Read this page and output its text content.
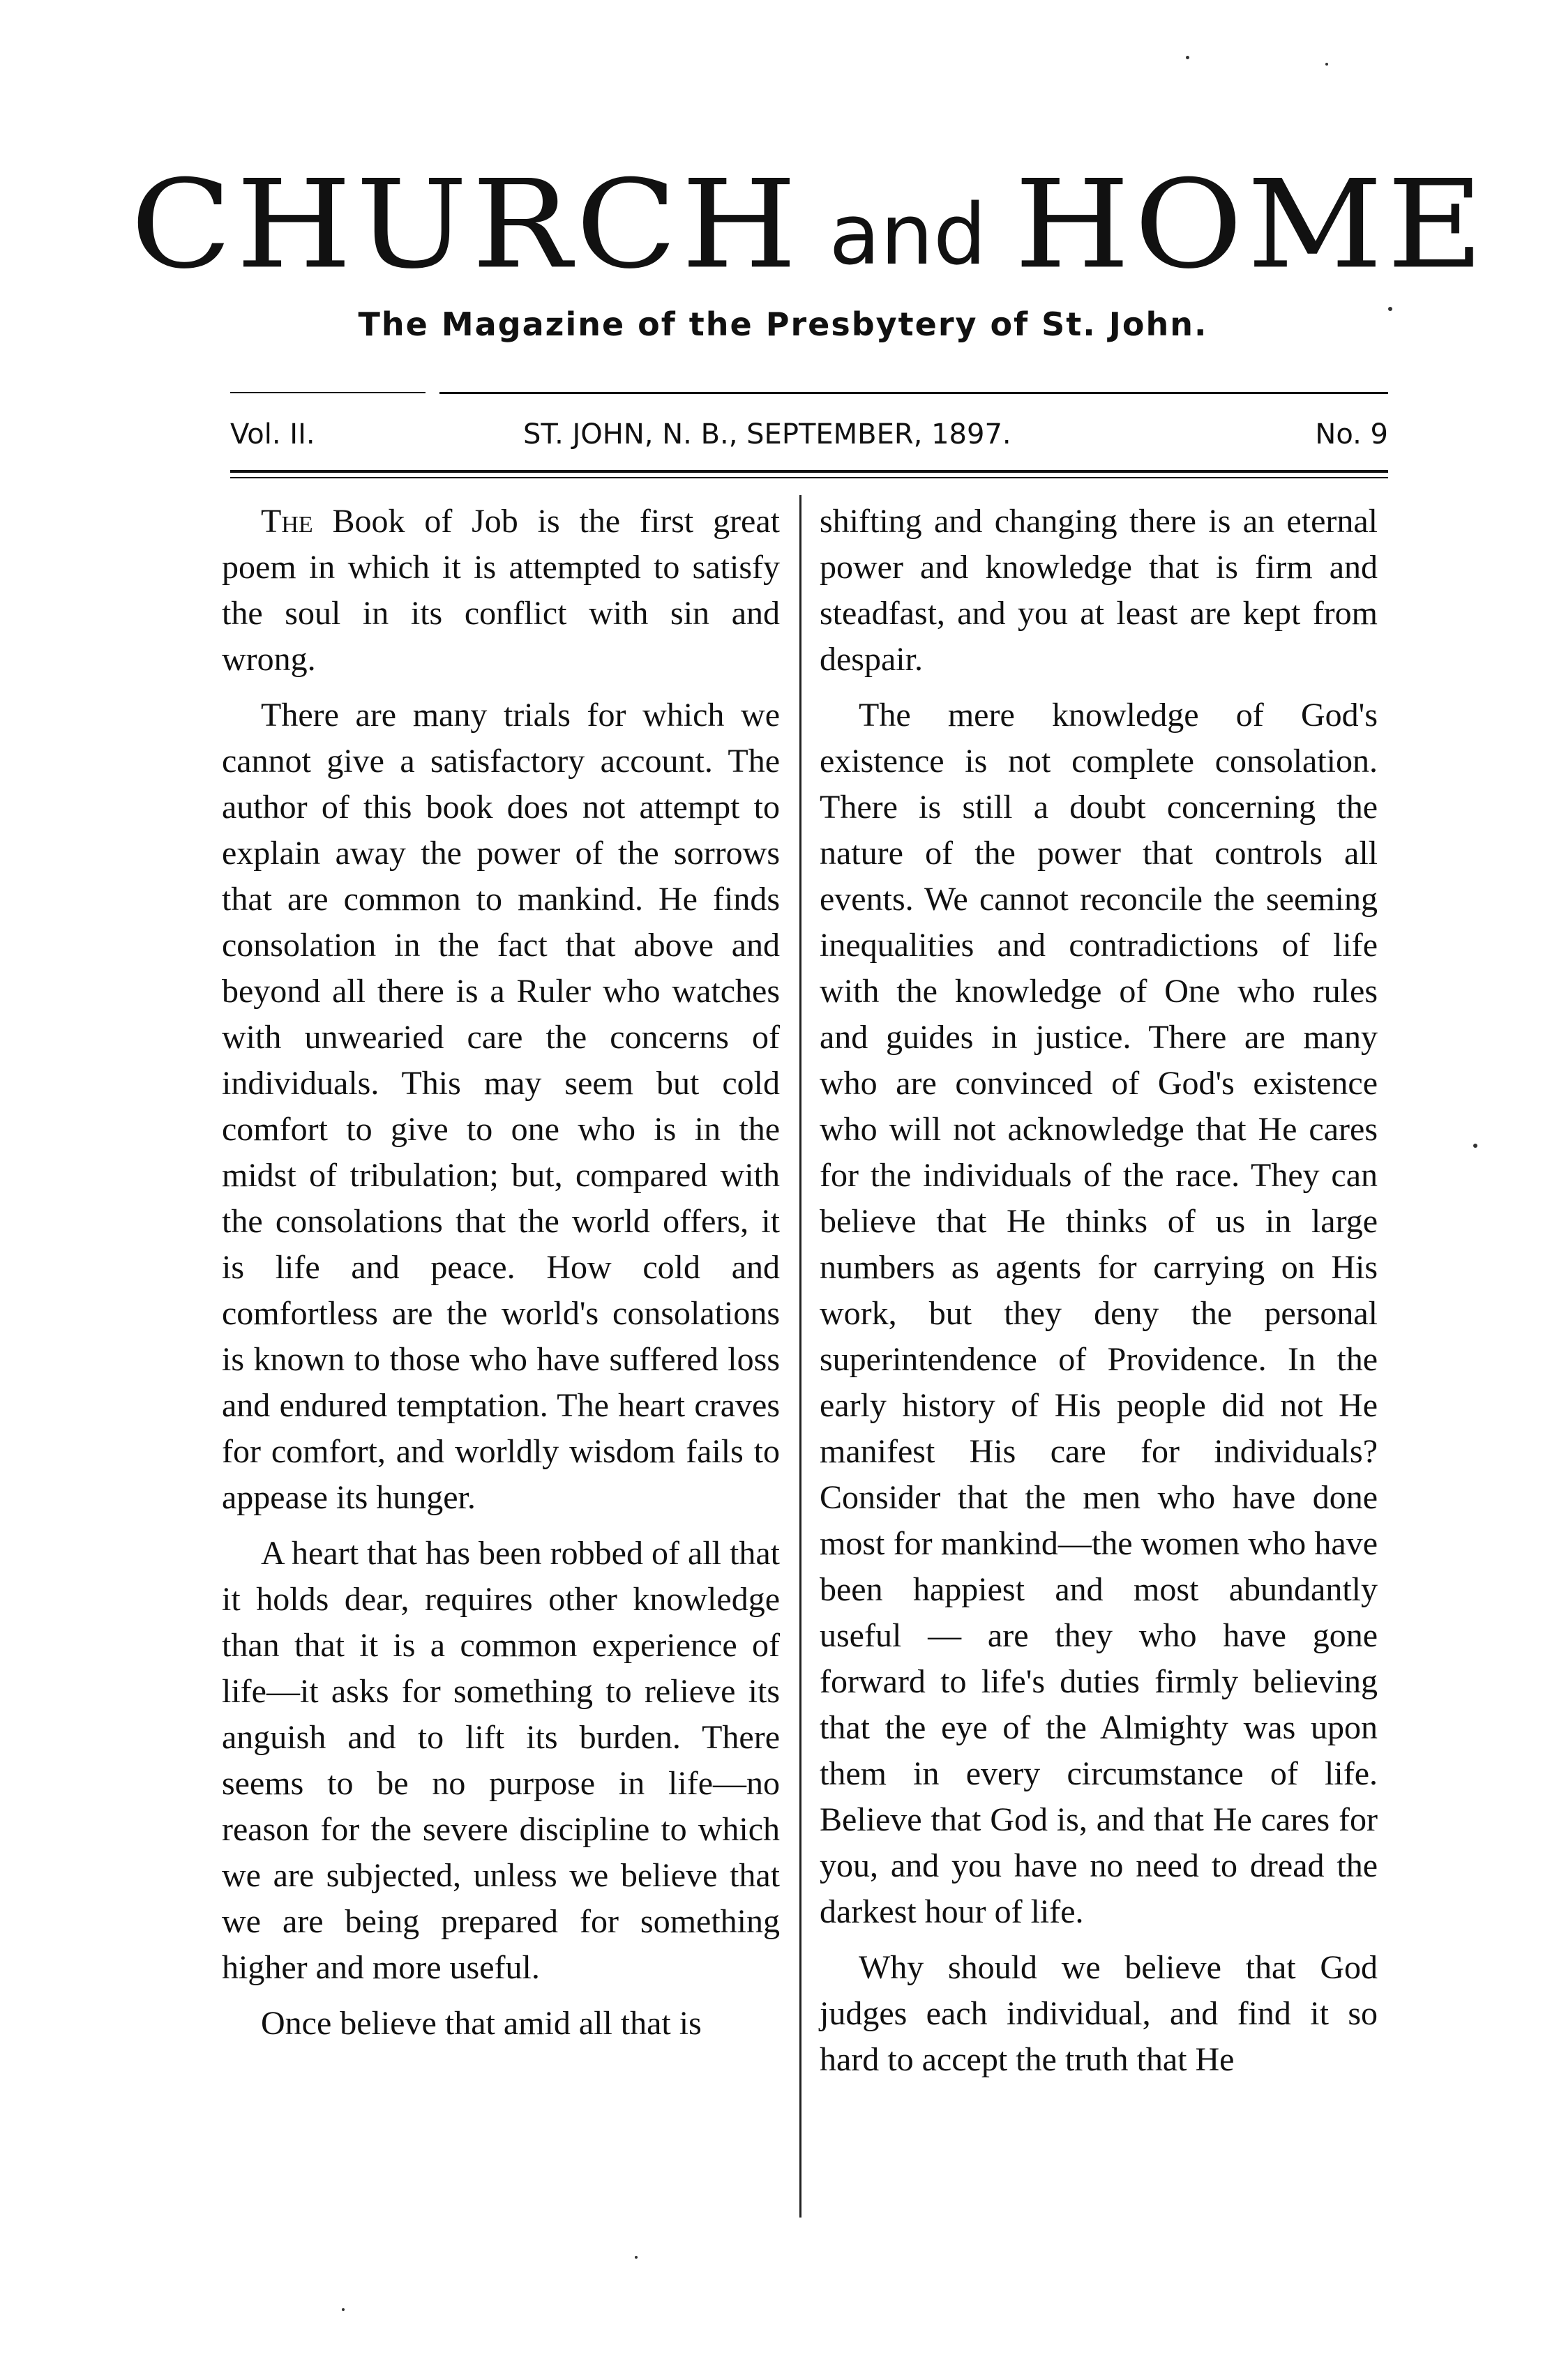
CHURCH and HOME
The Magazine of the Presbytery of St. John.
Vol. II.	ST. JOHN, N. B., SEPTEMBER, 1897.	No. 9

The Book of Job is the first great poem in which it is attempted to satisfy the soul in its conflict with sin and wrong.

There are many trials for which we cannot give a satisfactory account. The author of this book does not attempt to explain away the power of the sorrows that are common to mankind. He finds consolation in the fact that above and beyond all there is a Ruler who watches with unwearied care the concerns of individuals. This may seem but cold comfort to give to one who is in the midst of tribulation; but, compared with the consolations that the world offers, it is life and peace. How cold and comfortless are the world's consolations is known to those who have suffered loss and endured temptation. The heart craves for comfort, and worldly wisdom fails to appease its hunger.

A heart that has been robbed of all that it holds dear, requires other knowledge than that it is a common experience of life—it asks for something to relieve its anguish and to lift its burden. There seems to be no purpose in life—no reason for the severe discipline to which we are subjected, unless we believe that we are being prepared for something higher and more useful.

Once believe that amid all that is

shifting and changing there is an eternal power and knowledge that is firm and steadfast, and you at least are kept from despair.

The mere knowledge of God's existence is not complete consolation. There is still a doubt concerning the nature of the power that controls all events. We cannot reconcile the seeming inequalities and contradictions of life with the knowledge of One who rules and guides in justice. There are many who are convinced of God's existence who will not acknowledge that He cares for the individuals of the race. They can believe that He thinks of us in large numbers as agents for carrying on His work, but they deny the personal superintendence of Providence. In the early history of His people did not He manifest His care for individuals? Consider that the men who have done most for mankind—the women who have been happiest and most abundantly useful — are they who have gone forward to life's duties firmly believing that the eye of the Almighty was upon them in every circumstance of life. Believe that God is, and that He cares for you, and you have no need to dread the darkest hour of life.

Why should we believe that God judges each individual, and find it so hard to accept the truth that He
